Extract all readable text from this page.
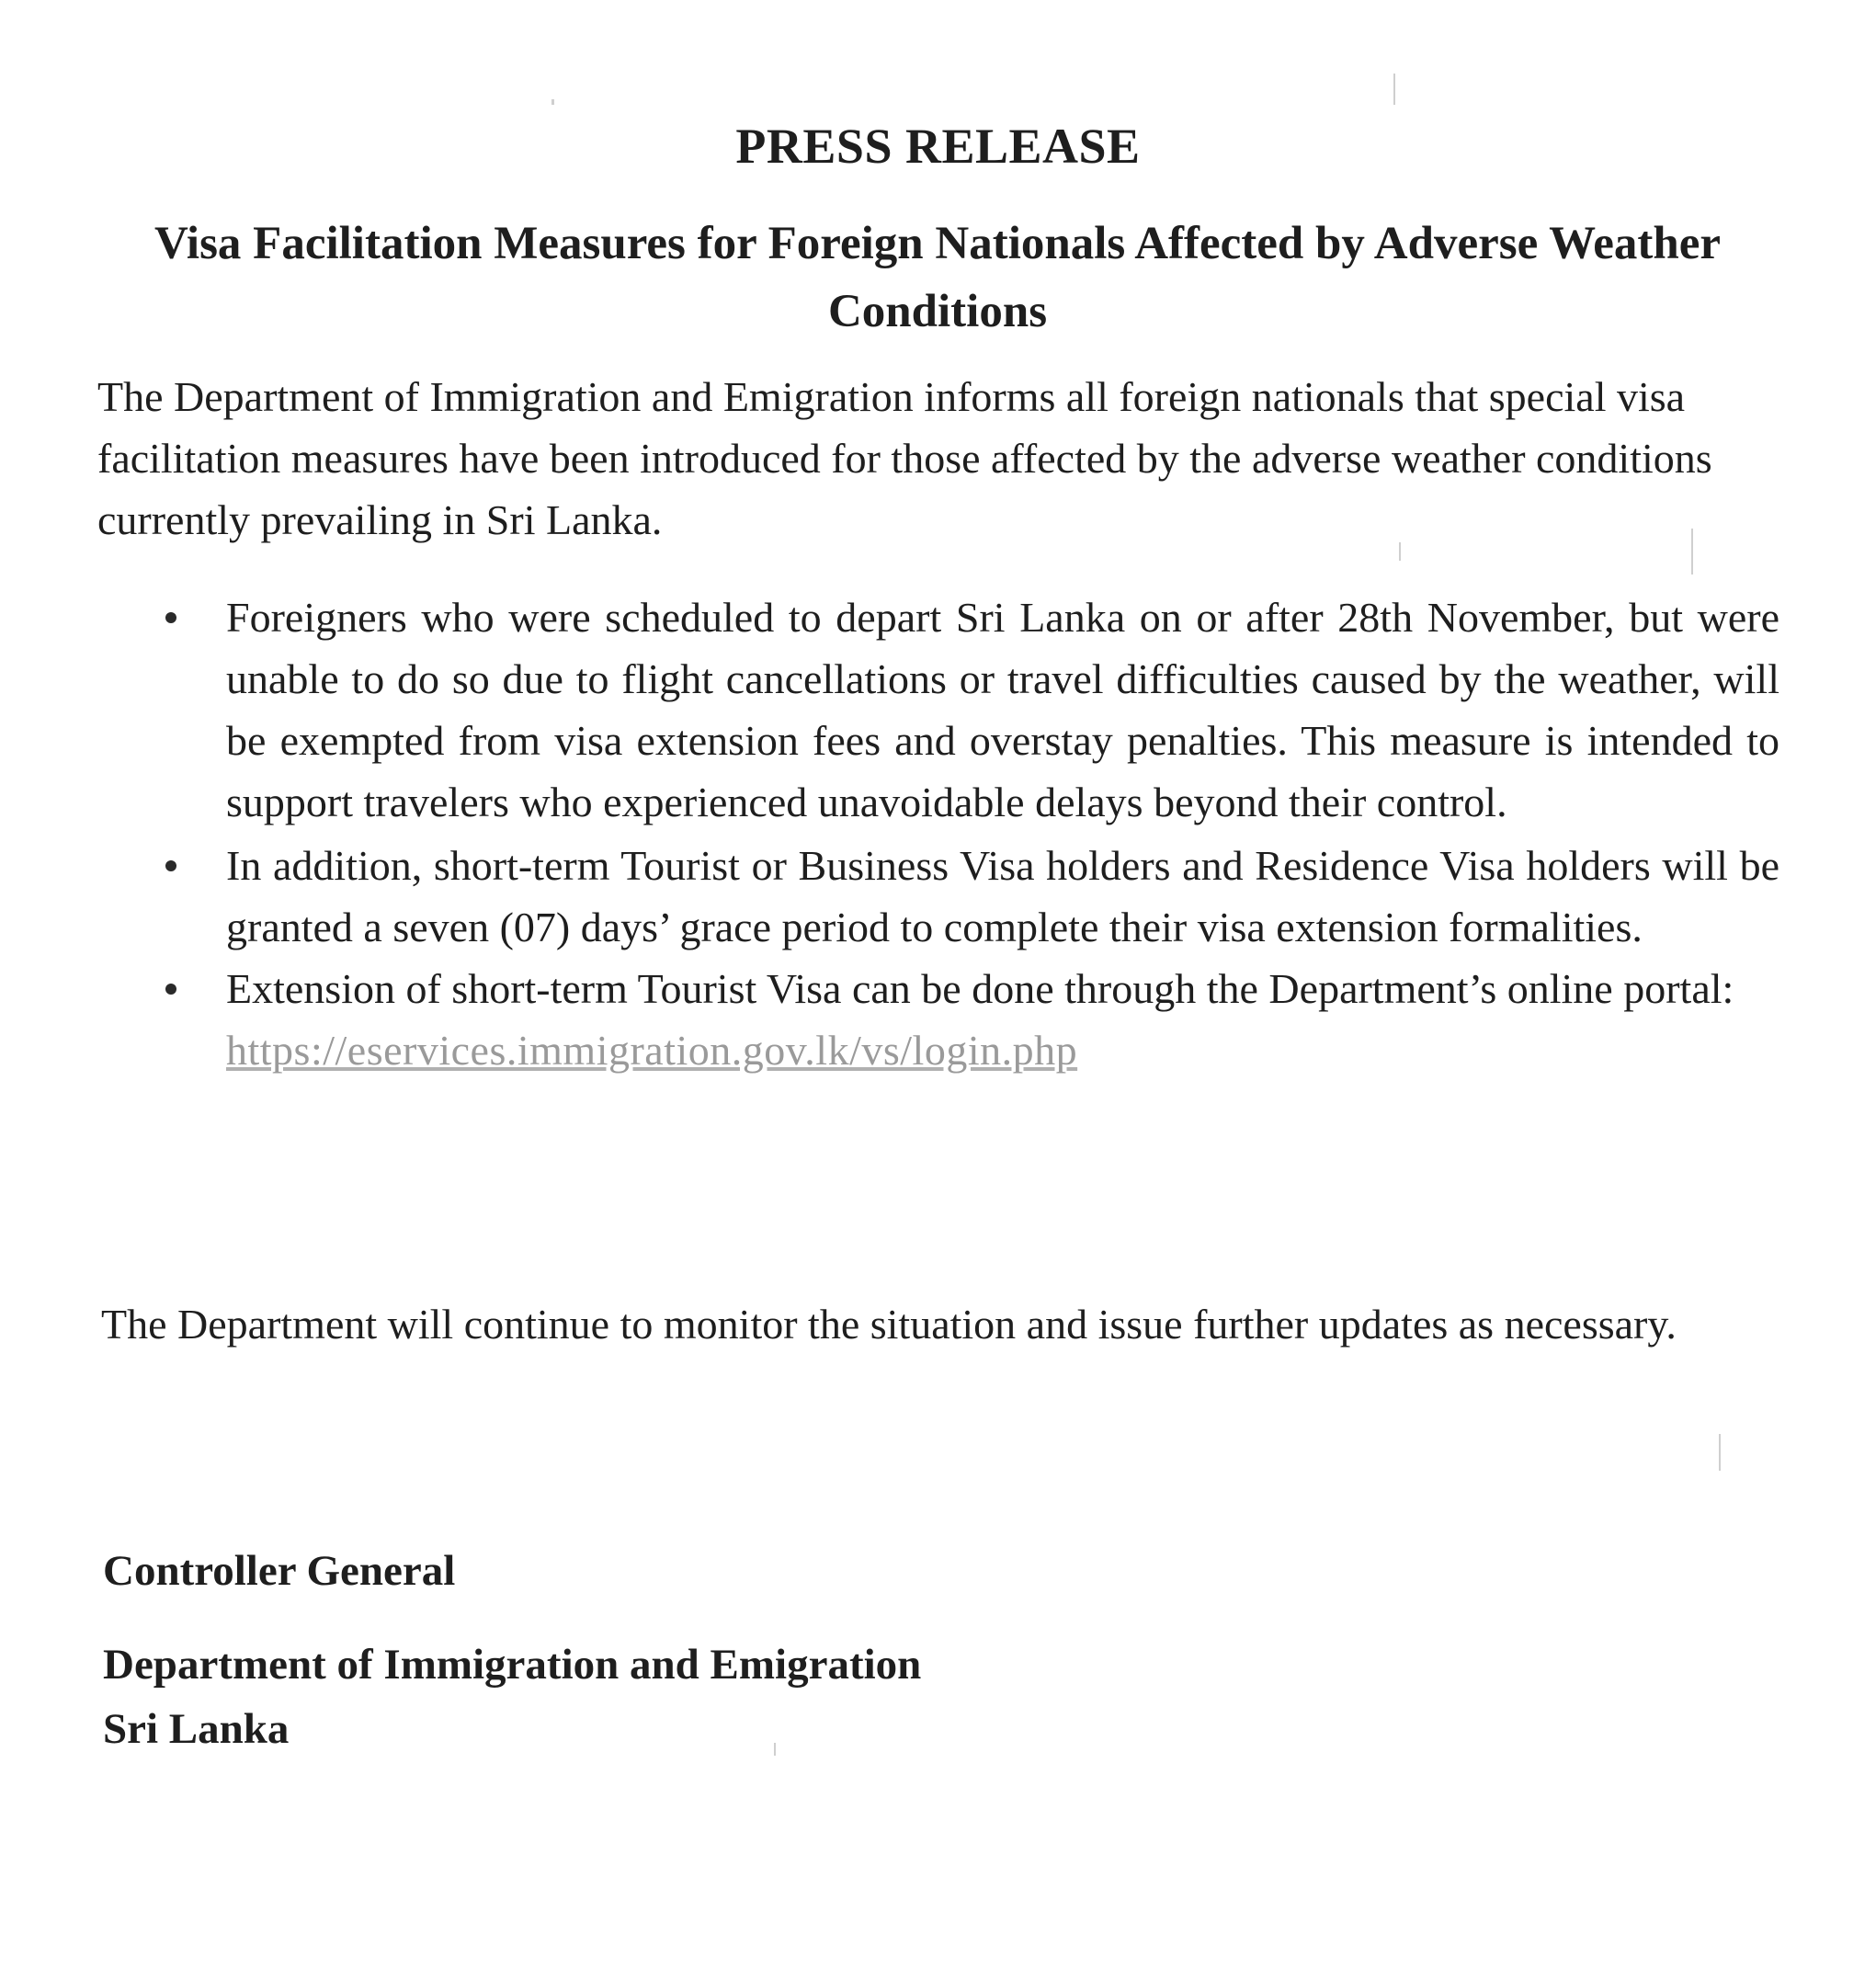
PRESS RELEASE
Visa Facilitation Measures for Foreign Nationals Affected by Adverse Weather Conditions
The Department of Immigration and Emigration informs all foreign nationals that special visa facilitation measures have been introduced for those affected by the adverse weather conditions currently prevailing in Sri Lanka.
Foreigners who were scheduled to depart Sri Lanka on or after 28th November, but were unable to do so due to flight cancellations or travel difficulties caused by the weather, will be exempted from visa extension fees and overstay penalties. This measure is intended to support travelers who experienced unavoidable delays beyond their control.
In addition, short-term Tourist or Business Visa holders and Residence Visa holders will be granted a seven (07) days’ grace period to complete their visa extension formalities.
Extension of short-term Tourist Visa can be done through the Department’s online portal:
https://eservices.immigration.gov.lk/vs/login.php
The Department will continue to monitor the situation and issue further updates as necessary.
Controller General
Department of Immigration and Emigration
Sri Lanka
